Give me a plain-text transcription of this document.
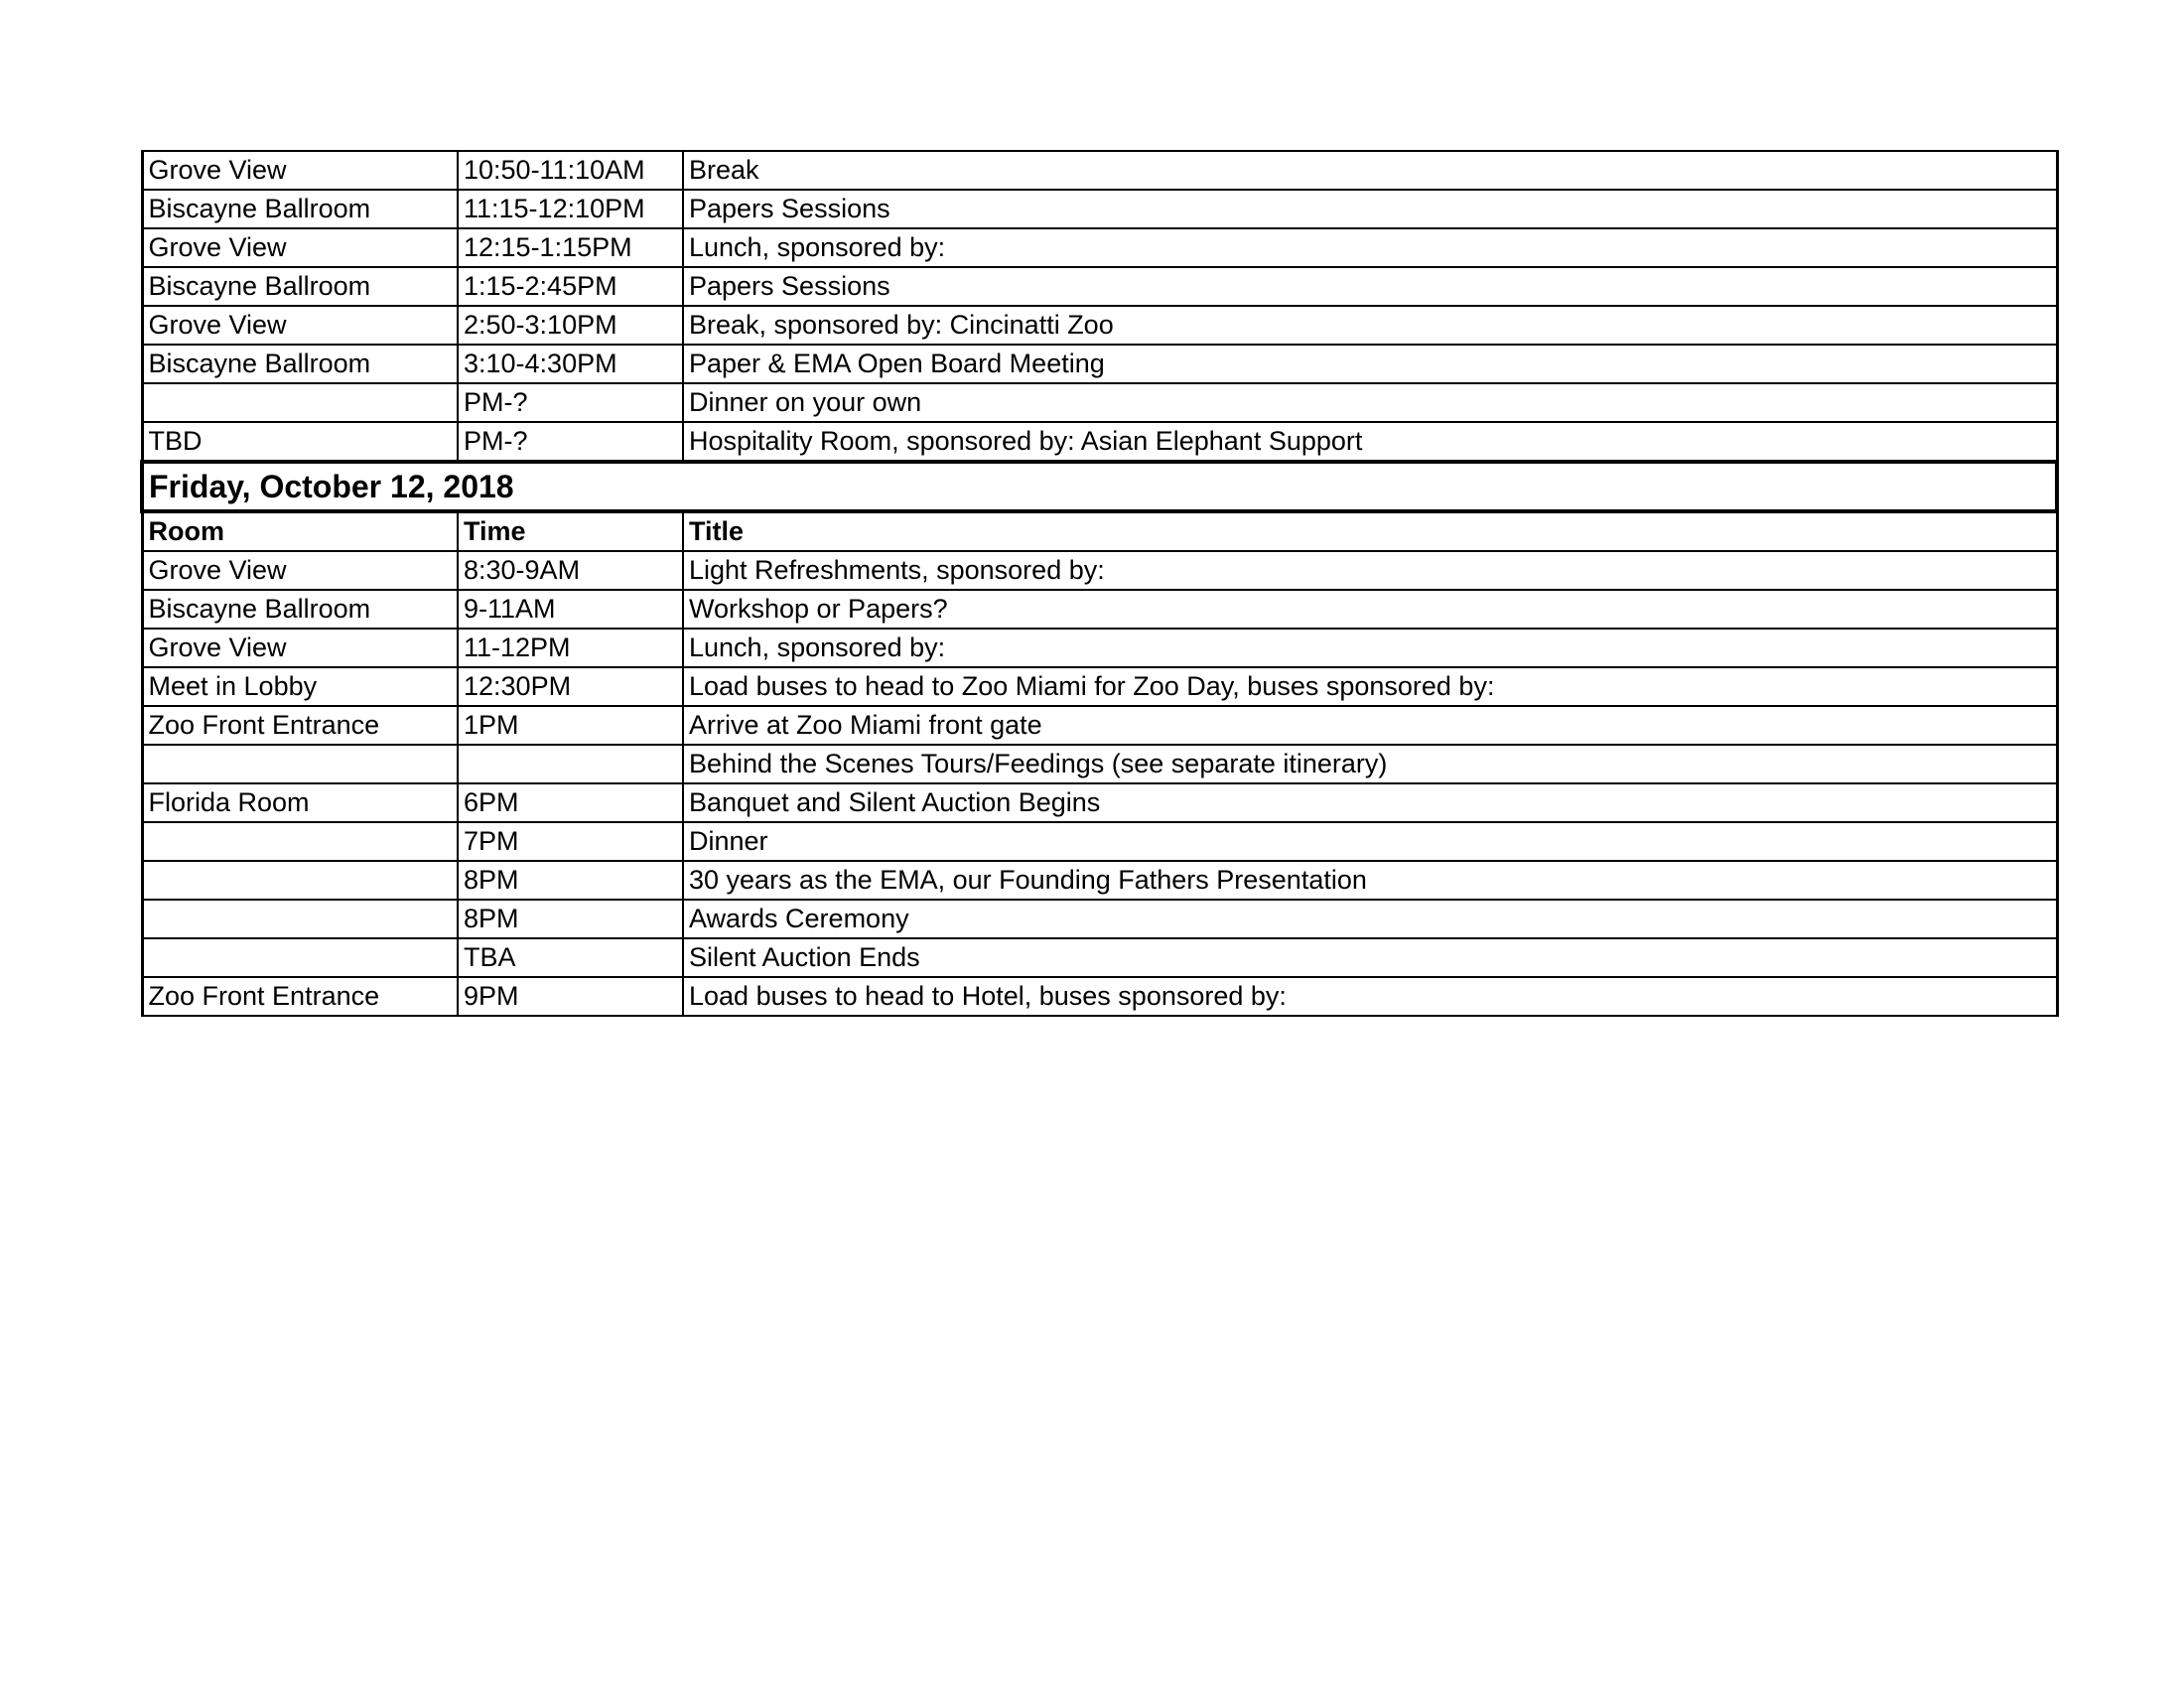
Grove View	10:50-11:10AM	Break
Biscayne Ballroom	11:15-12:10PM	Papers Sessions
Grove View	12:15-1:15PM	Lunch, sponsored by:
Biscayne Ballroom	1:15-2:45PM	Papers Sessions
Grove View	2:50-3:10PM	Break, sponsored by: Cincinatti Zoo
Biscayne Ballroom	3:10-4:30PM	Paper & EMA Open Board Meeting
	PM-?	Dinner on your own
TBD	PM-?	Hospitality Room, sponsored by: Asian Elephant Support
Friday, October 12, 2018		
Room	Time	Title
Grove View	8:30-9AM	Light Refreshments, sponsored by:
Biscayne Ballroom	9-11AM	Workshop or Papers?
Grove View	11-12PM	Lunch, sponsored by:
Meet in Lobby	12:30PM	Load buses to head to Zoo Miami for Zoo Day, buses sponsored by:
Zoo Front Entrance	1PM	Arrive at Zoo Miami front gate
		Behind the Scenes Tours/Feedings (see separate itinerary)
Florida Room	6PM	Banquet and Silent Auction Begins
	7PM	Dinner
	8PM	30 years as the EMA, our Founding Fathers Presentation
	8PM	Awards Ceremony
	TBA	Silent Auction Ends
Zoo Front Entrance	9PM	Load buses to head to Hotel, buses sponsored by:
